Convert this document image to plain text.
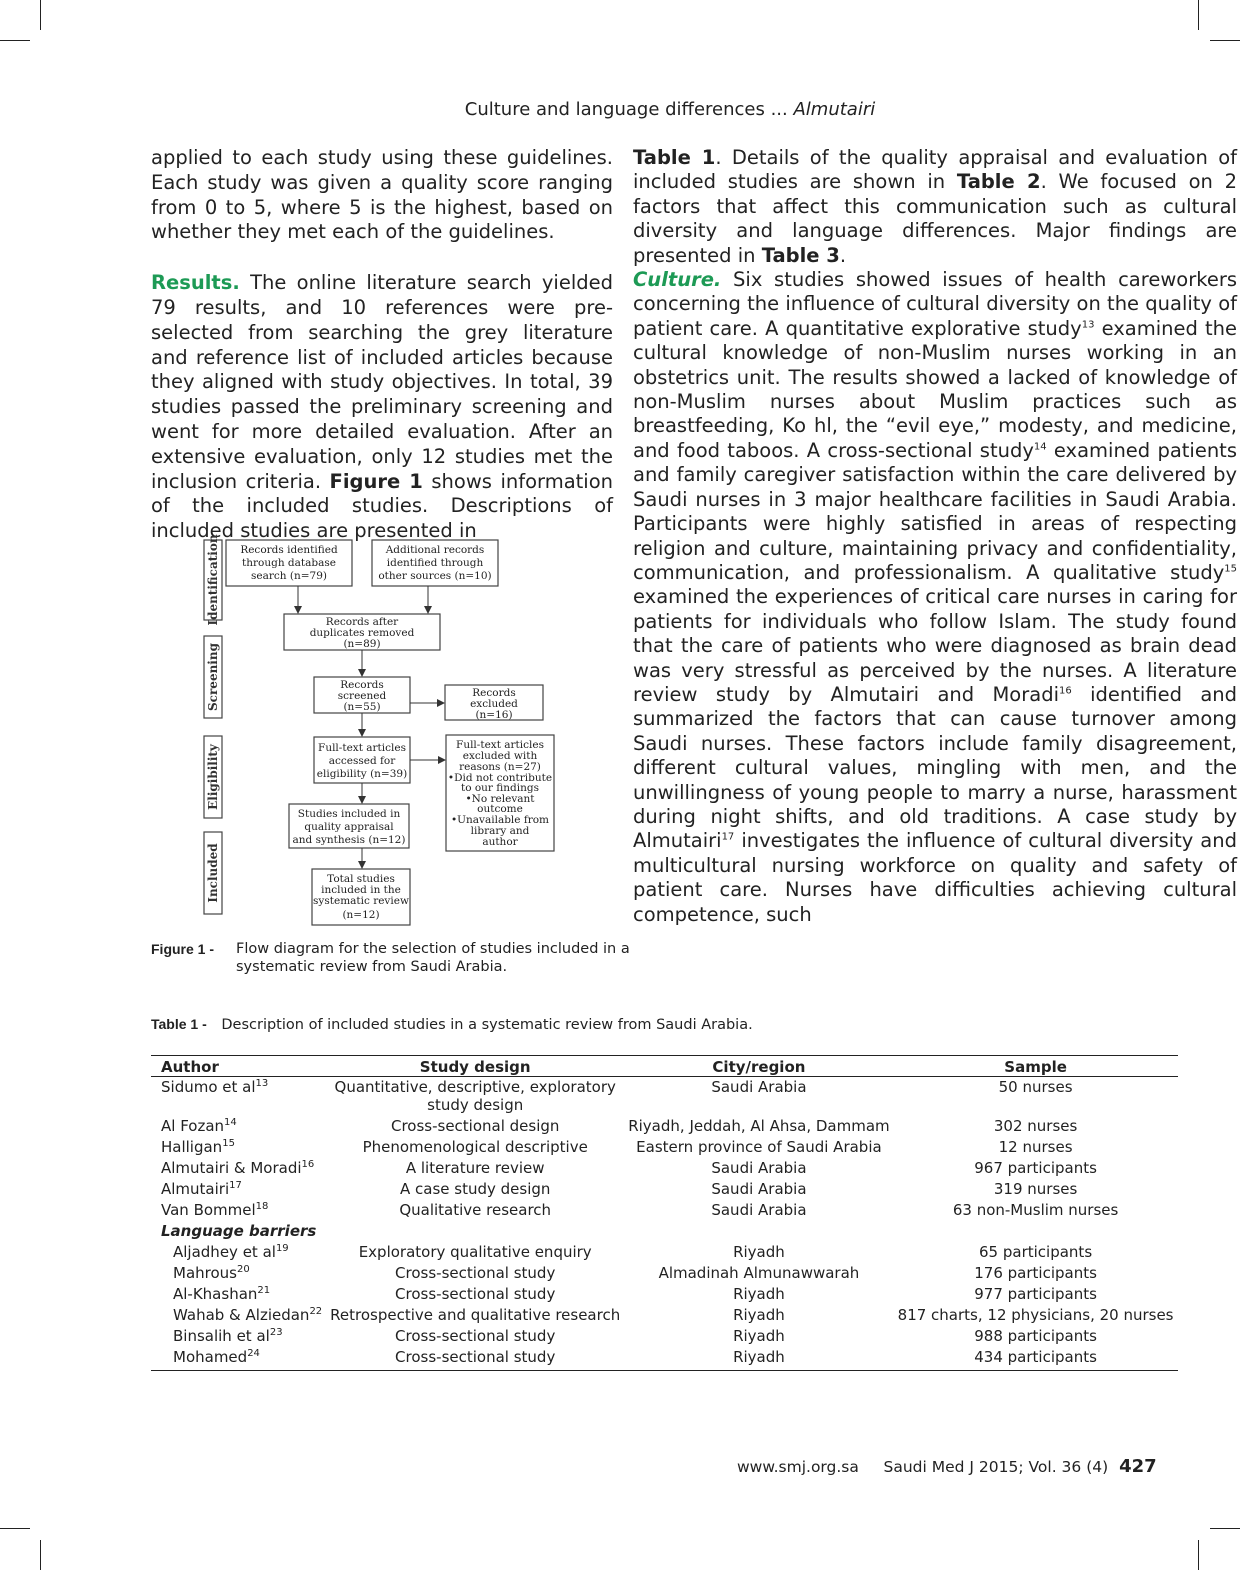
Culture and language differences ... Almutairi

applied to each study using these guidelines. Each study was given a quality score ranging from 0 to 5, where 5 is the highest, based on whether they met each of the guidelines.

Results. The online literature search yielded 79 results, and 10 references were pre-selected from searching the grey literature and reference list of included articles because they aligned with study objectives. In total, 39 studies passed the preliminary screening and went for more detailed evaluation. After an extensive evaluation, only 12 studies met the inclusion criteria. Figure 1 shows information of the included studies. Descriptions of included studies are presented in

Table 1. Details of the quality appraisal and evaluation of included studies are shown in Table 2. We focused on 2 factors that affect this communication such as cultural diversity and language differences. Major findings are presented in Table 3.

Culture. Six studies showed issues of health careworkers concerning the influence of cultural diversity on the quality of patient care. A quantitative explorative study$^{13}$ examined the cultural knowledge of non-Muslim nurses working in an obstetrics unit. The results showed a lacked of knowledge of non-Muslim nurses about Muslim practices such as breastfeeding, Ko hl, the “evil eye,” modesty, and medicine, and food taboos. A cross-sectional study$^{14}$ examined patients and family caregiver satisfaction within the care delivered by Saudi nurses in 3 major healthcare facilities in Saudi Arabia. Participants were highly satisfied in areas of respecting religion and culture, maintaining privacy and confidentiality, communication, and professionalism. A qualitative study$^{15}$ examined the experiences of critical care nurses in caring for patients for individuals who follow Islam. The study found that the care of patients who were diagnosed as brain dead was very stressful as perceived by the nurses. A literature review study by Almutairi and Moradi$^{16}$ identified and summarized the factors that can cause turnover among Saudi nurses. These factors include family disagreement, different cultural values, mingling with men, and the unwillingness of young people to marry a nurse, harassment during night shifts, and old traditions. A case study by Almutairi$^{17}$ investigates the influence of cultural diversity and multicultural nursing workforce on quality and safety of patient care. Nurses have difficulties achieving cultural competence, such

Identification
Screening
Eligibility
Included
Records identified
through database
search (n=79)
Additional records
identified through
other sources (n=10)
Records after
duplicates removed
(n=89)
Records
screened
(n=55)
Records
excluded
(n=16)
Full-text articles
accessed for
eligibility (n=39)
Full-text articles
excluded with
reasons (n=27)
•Did not contribute
to our findings
•No relevant
outcome
•Unavailable from
library and
author
Studies included in
quality appraisal
and synthesis (n=12)
Total studies
included in the
systematic review
(n=12)
Figure 1 -	Flow diagram for the selection of studies included in a systematic review from Saudi Arabia.
Table 1 - Description of included studies in a systematic review from Saudi Arabia.
Author	Study design	City/region	Sample
Sidumo et $al^{13}$	Quantitative, descriptive, exploratory study design	Saudi Arabia	50 nurses
Al Fozan$^{14}$	Cross-sectional design	Riyadh, Jeddah, Al Ahsa, Dammam	302 nurses
Halligan$^{15}$	Phenomenological descriptive	Eastern province of Saudi Arabia	12 nurses
Almutairi & Moradi$^{16}$	A literature review	Saudi Arabia	967 participants
Almutairi$^{17}$	A case study design	Saudi Arabia	319 nurses
Van Bommel$^{18}$	Qualitative research	Saudi Arabia	63 non-Muslim nurses
Language barriers			
Aljadhey et $al^{19}$	Exploratory qualitative enquiry	Riyadh	65 participants
Mahrous$^{20}$	Cross-sectional study	Almadinah Almunawwarah	176 participants
Al-Khashan$^{21}$	Cross-sectional study	Riyadh	977 participants
Wahab & Alziedan$^{22}$	Retrospective and qualitative research	Riyadh	817 charts, 12 physicians, 20 nurses
Binsalih et $al^{23}$	Cross-sectional study	Riyadh	988 participants
Mohamed$^{24}$	Cross-sectional study	Riyadh	434 participants
www.smj.org.sa Saudi Med J 2015; Vol. 36 (4) 427
